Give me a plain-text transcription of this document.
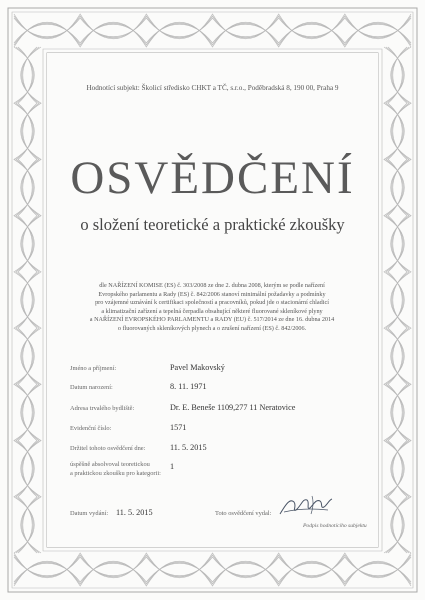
Hodnotící subjekt: Školicí středisko CHKT a TČ, s.r.o., Poděbradská 8, 190 00, Praha 9
OSVĚDČENÍ
o složení teoretické a praktické zkoušky
dle NAŘÍZENÍ KOMISE (ES) č. 303/2008 ze dne 2. dubna 2008, kterým se podle nařízení
Evropského parlamentu a Rady (ES) č. 842/2006 stanoví minimální požadavky a podmínky
pro vzájemné uznávání k certifikaci společností a pracovníků, pokud jde o stacionární chladicí
a klimatizační zařízení a tepelná čerpadla obsahující některé fluorované skleníkové plyny
a NAŘÍZENÍ EVROPSKÉHO PARLAMENTU a RADY (EU) č. 517/2014 ze dne 16. dubna 2014
o fluorovaných skleníkových plynech a o zrušení nařízení (ES) č. 842/2006.
Jméno a příjmení:	Pavel Makovský
Datum narození:	8. 11. 1971
Adresa trvalého bydliště:	Dr. E. Beneše 1109,277 11 Neratovice
Evidenční číslo:	1571
Držitel tohoto osvědčení dne:	11. 5. 2015
úspěšně absolvoval teoretickou
a praktickou zkoušku pro kategorii:
1
Datum vydání: 11. 5. 2015	Toto osvědčení vydal:
Podpis hodnotícího subjektu
